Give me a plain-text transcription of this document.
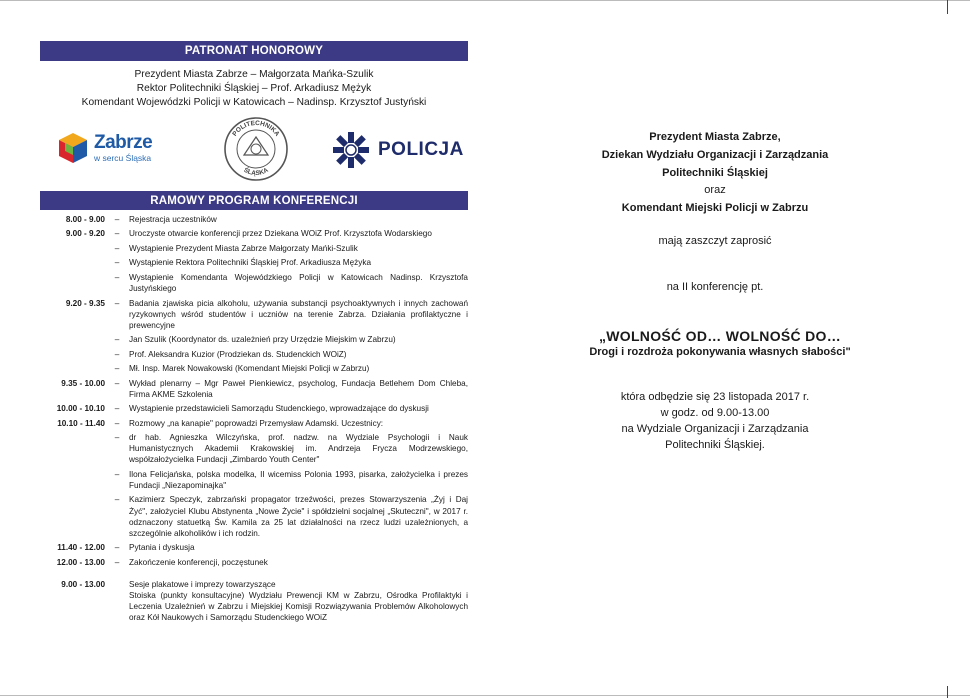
PATRONAT HONOROWY
Prezydent Miasta Zabrze – Małgorzata Mańka-Szulik
Rektor Politechniki Śląskiej – Prof. Arkadiusz Mężyk
Komendant Wojewódzki Policji w Katowicach – Nadinsp. Krzysztof Justyński
Zabrze
w sercu Śląska
POLITECHNIKA
ŚLĄSKA
POLICJA
RAMOWY PROGRAM KONFERENCJI
8.00 - 9.00	–	Rejestracja uczestników
9.00 - 9.20	–	Uroczyste otwarcie konferencji przez Dziekana WOiZ Prof. Krzysztofa Wodarskiego
–	Wystąpienie Prezydent Miasta Zabrze Małgorzaty Mańki-Szulik
–	Wystąpienie Rektora Politechniki Śląskiej Prof. Arkadiusza Mężyka
–	Wystąpienie Komendanta Wojewódzkiego Policji w Katowicach Nadinsp. Krzysztofa Justyńskiego
9.20 - 9.35	–	Badania zjawiska picia alkoholu, używania substancji psychoaktywnych i innych zachowań ryzykownych wśród studentów i uczniów na terenie Zabrza. Działania profilaktyczne i prewencyjne
–	Jan Szulik (Koordynator ds. uzależnień przy Urzędzie Miejskim w Zabrzu)
–	Prof. Aleksandra Kuzior (Prodziekan ds. Studenckich WOiZ)
–	Mł. Insp. Marek Nowakowski (Komendant Miejski Policji w Zabrzu)
9.35 - 10.00	–	Wykład plenarny – Mgr Paweł Pienkiewicz, psycholog, Fundacja Betlehem Dom Chleba, Firma AKME Szkolenia
10.00 - 10.10	–	Wystąpienie przedstawicieli Samorządu Studenckiego, wprowadzające do dyskusji
10.10 - 11.40	–	Rozmowy „na kanapie" poprowadzi Przemysław Adamski. Uczestnicy:
–	dr hab. Agnieszka Wilczyńska, prof. nadzw. na Wydziale Psychologii i Nauk Humanistycznych Akademii Krakowskiej im. Andrzeja Frycza Modrzewskiego, współzałożycielka Fundacji „Zimbardo Youth Center"
–	Ilona Felicjańska, polska modelka, II wicemiss Polonia 1993, pisarka, założycielka i prezes Fundacji „Niezapominajka"
–	Kazimierz Speczyk, zabrzański propagator trzeźwości, prezes Stowarzyszenia „Żyj i Daj Żyć", założyciel Klubu Abstynenta „Nowe Życie" i spółdzielni socjalnej „Skuteczni", w 2017 r. odznaczony statuetką Św. Kamila za 25 lat działalności na rzecz ludzi uzależnionych, a szczególnie alkoholików i ich rodzin.
11.40 - 12.00	–	Pytania i dyskusja
12.00 - 13.00	–	Zakończenie konferencji, poczęstunek
9.00 - 13.00	Sesje plakatowe i imprezy towarzyszące
Stoiska (punkty konsultacyjne) Wydziału Prewencji KM w Zabrzu, Ośrodka Profilaktyki i Leczenia Uzależnień w Zabrzu i Miejskiej Komisji Rozwiązywania Problemów Alkoholowych oraz Kół Naukowych i Samorządu Studenckiego WOiZ
Prezydent Miasta Zabrze,
Dziekan Wydziału Organizacji i Zarządzania
Politechniki Śląskiej
oraz
Komendant Miejski Policji w Zabrzu
mają zaszczyt zaprosić
na II konferencję pt.
„WOLNOŚĆ OD… WOLNOŚĆ DO…
Drogi i rozdroża pokonywania własnych słabości"
która odbędzie się 23 listopada 2017 r.
w godz. od 9.00-13.00
na Wydziale Organizacji i Zarządzania
Politechniki Śląskiej.
